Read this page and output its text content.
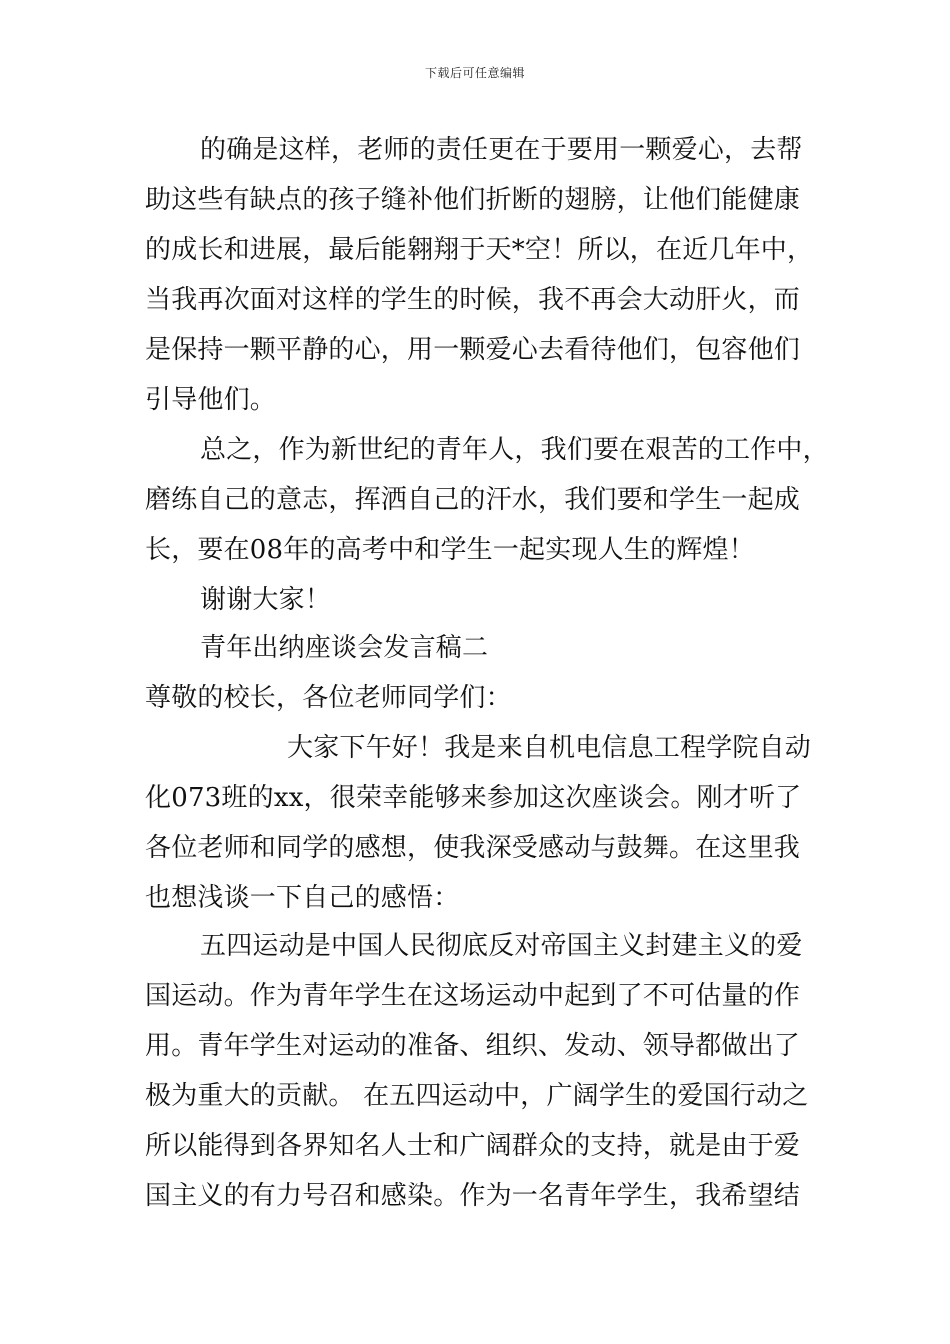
下载后可任意编辑
的确是这样，老师的责任更在于要用一颗爱心，去帮
助这些有缺点的孩子缝补他们折断的翅膀，让他们能健康
的成长和进展，最后能翱翔于天*空！所以，在近几年中，
当我再次面对这样的学生的时候，我不再会大动肝火，而
是保持一颗平静的心，用一颗爱心去看待他们，包容他们
引导他们。
总之，作为新世纪的青年人，我们要在艰苦的工作中，
磨练自己的意志，挥洒自己的汗水，我们要和学生一起成
长，要在08年的高考中和学生一起实现人生的辉煌！
谢谢大家！
青年出纳座谈会发言稿二
尊敬的校长，各位老师同学们：
大家下午好！我是来自机电信息工程学院自动
化073班的xx，很荣幸能够来参加这次座谈会。刚才听了
各位老师和同学的感想，使我深受感动与鼓舞。在这里我
也想浅谈一下自己的感悟：
五四运动是中国人民彻底反对帝国主义封建主义的爱
国运动。作为青年学生在这场运动中起到了不可估量的作
用。青年学生对运动的准备、组织、发动、领导都做出了
极为重大的贡献。 在五四运动中，广阔学生的爱国行动之
所以能得到各界知名人士和广阔群众的支持，就是由于爱
国主义的有力号召和感染。作为一名青年学生，我希望结
